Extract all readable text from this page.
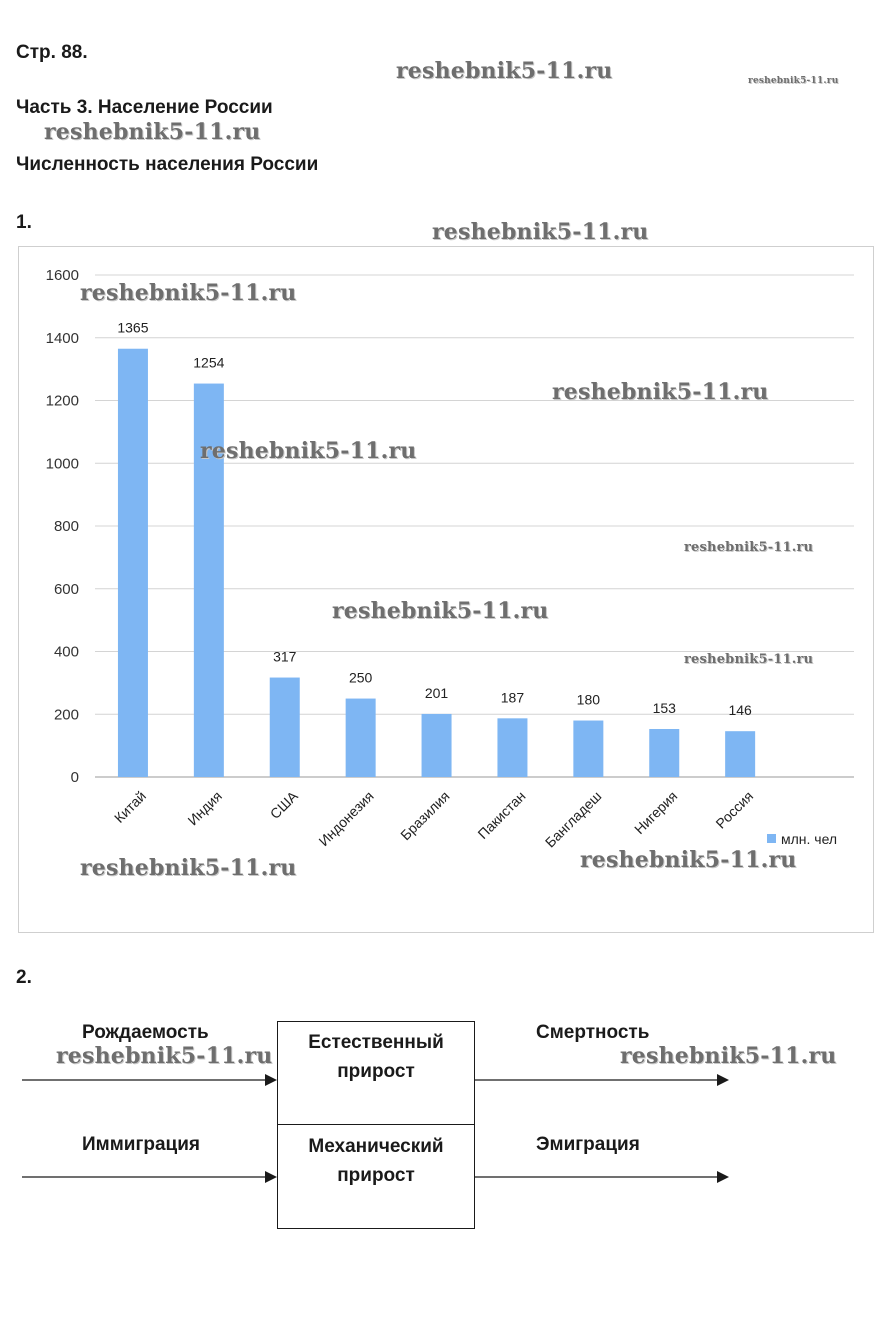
Стр. 88.
Часть 3. Население России
Численность населения России
1.
2.
0
200
400
600
800
1000
1200
1400
1600
1365
Китай
1254
Индия
317
США
250
Индонезия
201
Бразилия
187
Пакистан
180
Бангладеш
153
Нигерия
146
Россия
млн. чел
Рождаемость	Смертность
Иммиграция	Эмиграция
Естественный
прирост
Механический
прирост
reshebnik5-11.ru	reshebnik5-11.ru
reshebnik5-11.ru
reshebnik5-11.ru
reshebnik5-11.ru
reshebnik5-11.ru
reshebnik5-11.ru
reshebnik5-11.ru
reshebnik5-11.ru
reshebnik5-11.ru
reshebnik5-11.ru	reshebnik5-11.ru
reshebnik5-11.ru	reshebnik5-11.ru
